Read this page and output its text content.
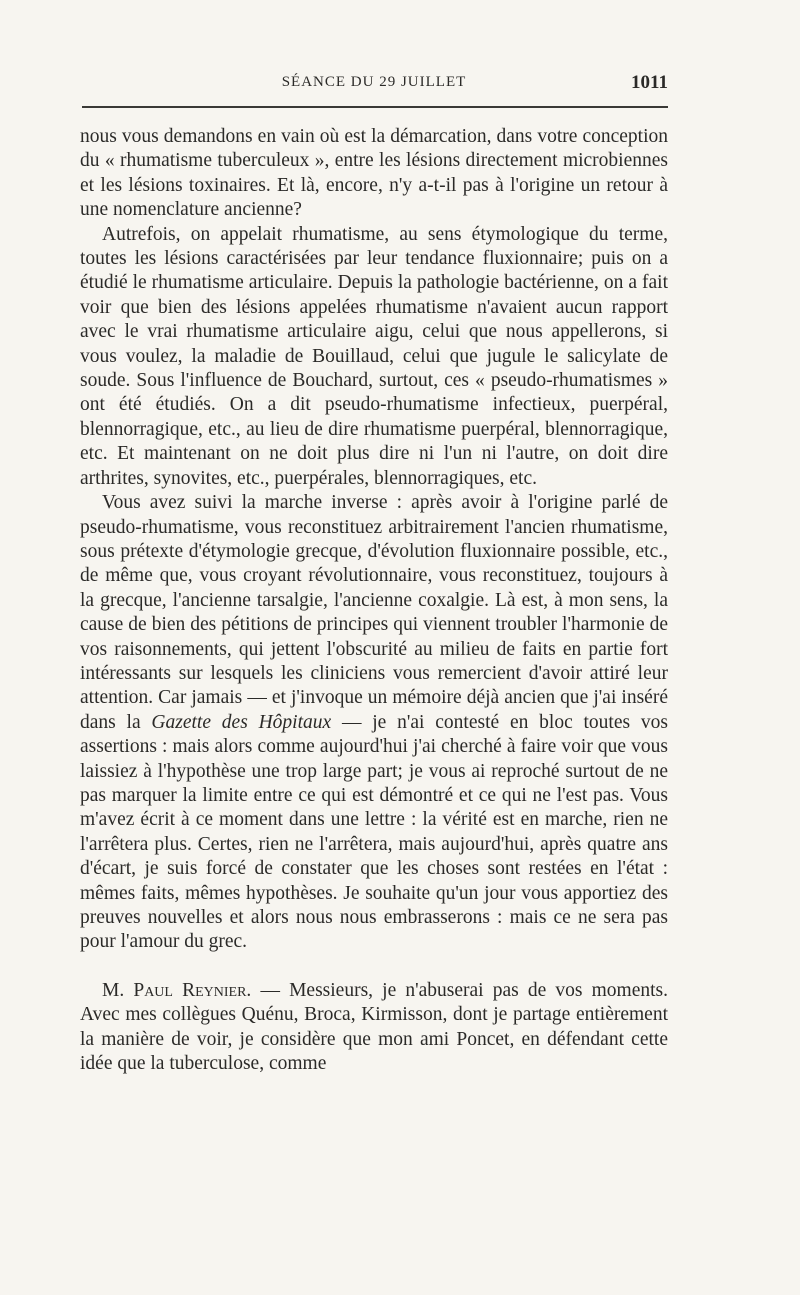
SÉANCE DU 29 JUILLET	1011

nous vous demandons en vain où est la démarcation, dans votre conception du « rhumatisme tuberculeux », entre les lésions directement microbiennes et les lésions toxinaires. Et là, encore, n'y a-t-il pas à l'origine un retour à une nomenclature ancienne?

Autrefois, on appelait rhumatisme, au sens étymologique du terme, toutes les lésions caractérisées par leur tendance fluxionnaire; puis on a étudié le rhumatisme articulaire. Depuis la pathologie bactérienne, on a fait voir que bien des lésions appelées rhumatisme n'avaient aucun rapport avec le vrai rhumatisme articulaire aigu, celui que nous appellerons, si vous voulez, la maladie de Bouillaud, celui que jugule le salicylate de soude. Sous l'influence de Bouchard, surtout, ces « pseudo-rhumatismes » ont été étudiés. On a dit pseudo-rhumatisme infectieux, puerpéral, blennorragique, etc., au lieu de dire rhumatisme puerpéral, blennorragique, etc. Et maintenant on ne doit plus dire ni l'un ni l'autre, on doit dire arthrites, synovites, etc., puerpérales, blennorragiques, etc.

Vous avez suivi la marche inverse : après avoir à l'origine parlé de pseudo-rhumatisme, vous reconstituez arbitrairement l'ancien rhumatisme, sous prétexte d'étymologie grecque, d'évolution fluxionnaire possible, etc., de même que, vous croyant révolutionnaire, vous reconstituez, toujours à la grecque, l'ancienne tarsalgie, l'ancienne coxalgie. Là est, à mon sens, la cause de bien des pétitions de principes qui viennent troubler l'harmonie de vos raisonnements, qui jettent l'obscurité au milieu de faits en partie fort intéressants sur lesquels les cliniciens vous remercient d'avoir attiré leur attention. Car jamais — et j'invoque un mémoire déjà ancien que j'ai inséré dans la Gazette des Hôpitaux — je n'ai contesté en bloc toutes vos assertions : mais alors comme aujourd'hui j'ai cherché à faire voir que vous laissiez à l'hypothèse une trop large part; je vous ai reproché surtout de ne pas marquer la limite entre ce qui est démontré et ce qui ne l'est pas. Vous m'avez écrit à ce moment dans une lettre : la vérité est en marche, rien ne l'arrêtera plus. Certes, rien ne l'arrêtera, mais aujourd'hui, après quatre ans d'écart, je suis forcé de constater que les choses sont restées en l'état : mêmes faits, mêmes hypothèses. Je souhaite qu'un jour vous apportiez des preuves nouvelles et alors nous nous embrasserons : mais ce ne sera pas pour l'amour du grec.

M. Paul Reynier. — Messieurs, je n'abuserai pas de vos moments. Avec mes collègues Quénu, Broca, Kirmisson, dont je partage entièrement la manière de voir, je considère que mon ami Poncet, en défendant cette idée que la tuberculose, comme
